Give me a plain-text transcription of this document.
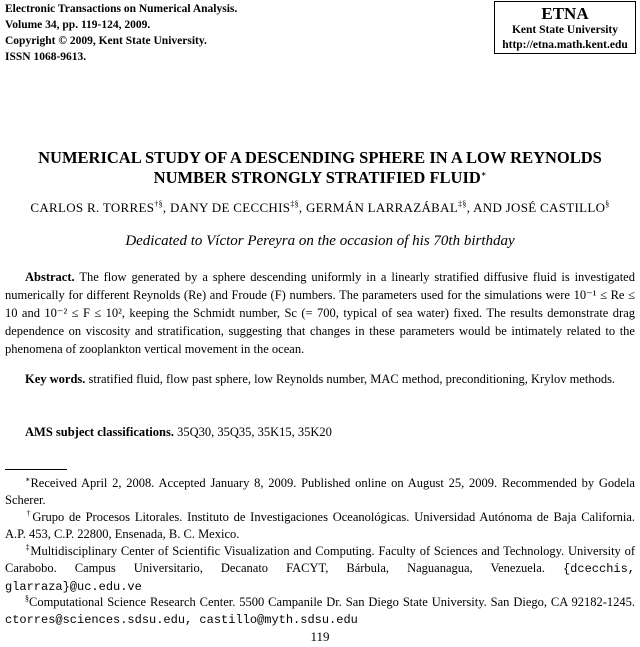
Electronic Transactions on Numerical Analysis.
Volume 34, pp. 119-124, 2009.
Copyright © 2009, Kent State University.
ISSN 1068-9613.
ETNA
Kent State University
http://etna.math.kent.edu
NUMERICAL STUDY OF A DESCENDING SPHERE IN A LOW REYNOLDS
NUMBER STRONGLY STRATIFIED FLUID∗
CARLOS R. TORRES†§, DANY DE CECCHIS‡§, GERMÁN LARRAZÁBAL‡§, AND JOSÉ CASTILLO§
Dedicated to Víctor Pereyra on the occasion of his 70th birthday
Abstract. The flow generated by a sphere descending uniformly in a linearly stratified diffusive fluid is investigated numerically for different Reynolds (Re) and Froude (F) numbers. The parameters used for the simulations were 10⁻¹ ≤ Re ≤ 10 and 10⁻² ≤ F ≤ 10², keeping the Schmidt number, Sc (= 700, typical of sea water) fixed. The results demonstrate drag dependence on viscosity and stratification, suggesting that changes in these parameters would be intimately related to the phenomena of zooplankton vertical movement in the ocean.
Key words. stratified fluid, flow past sphere, low Reynolds number, MAC method, preconditioning, Krylov methods.
AMS subject classifications. 35Q30, 35Q35, 35K15, 35K20
∗Received April 2, 2008. Accepted January 8, 2009. Published online on August 25, 2009. Recommended by Godela Scherer.
†Grupo de Procesos Litorales. Instituto de Investigaciones Oceanológicas. Universidad Autónoma de Baja California. A.P. 453, C.P. 22800, Ensenada, B. C. Mexico.
‡Multidisciplinary Center of Scientific Visualization and Computing. Faculty of Sciences and Technology. University of Carabobo. Campus Universitario, Decanato FACYT, Bárbula, Naguanagua, Venezuela. {dcecchis, glarraza}@uc.edu.ve
§Computational Science Research Center. 5500 Campanile Dr. San Diego State University. San Diego, CA 92182-1245. ctorres@sciences.sdsu.edu, castillo@myth.sdsu.edu
119
